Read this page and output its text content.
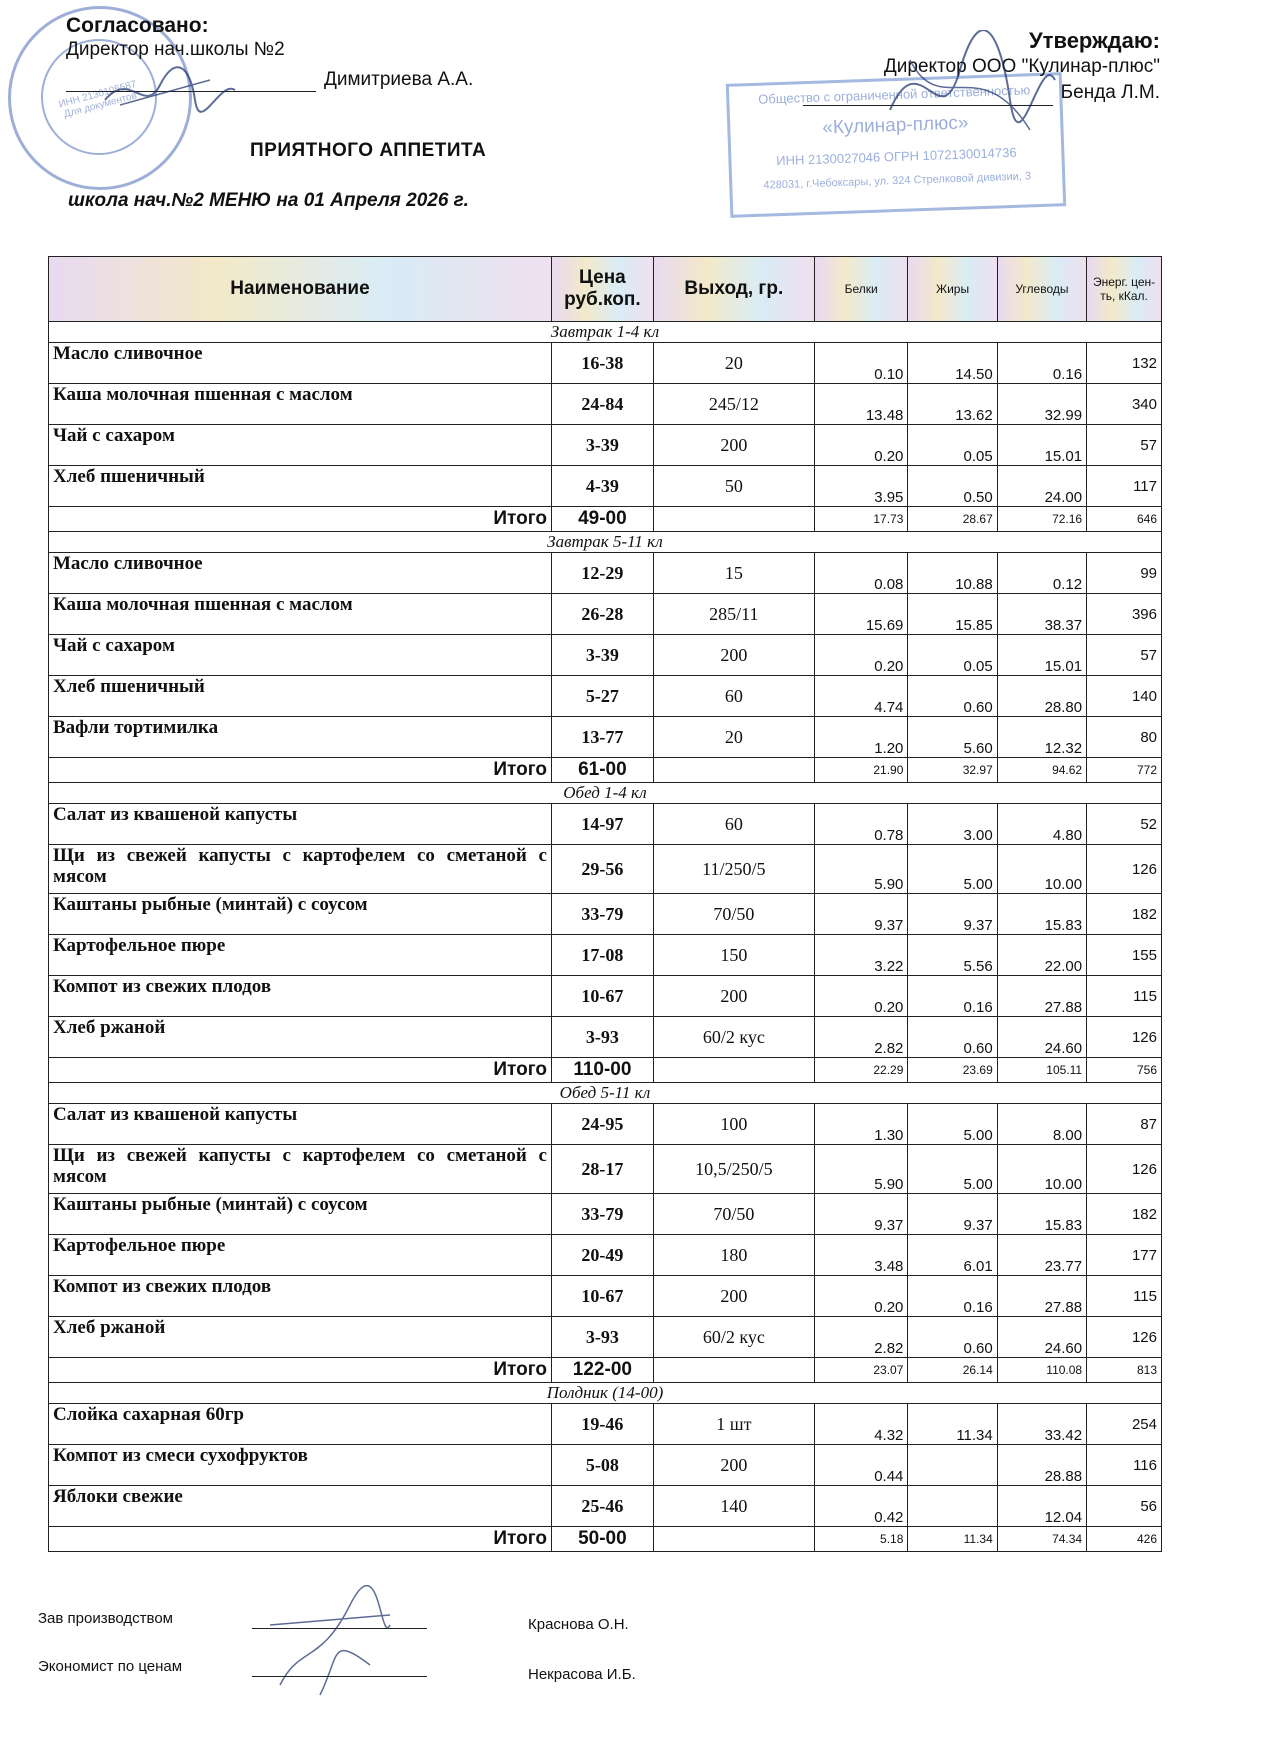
ИНН 2130105587 Для документов	Общество с ограниченной ответственностью
«Кулинар-плюс»
ИНН 2130027046 ОГРН 1072130014736
428031, г.Чебоксары, ул. 324 Стрелковой дивизии, 3
Согласовано:
Директор нач.школы №2
Димитриева А.А.
Утверждаю:
Директор ООО "Кулинар-плюс"
Бенда Л.М.
ПРИЯТНОГО АППЕТИТА
школа нач.№2 МЕНЮ на 01 Апреля 2026 г.
Наименование	Цена руб.коп.	Выход, гр.	Белки	Жиры	Углеводы	Энерг. цен-ть, кКал.
Завтрак 1-4 кл						
Масло сливочное	16-38	20	0.10	14.50	0.16	132
Каша молочная пшенная с маслом	24-84	245/12	13.48	13.62	32.99	340
Чай с сахаром	3-39	200	0.20	0.05	15.01	57
Хлеб пшеничный	4-39	50	3.95	0.50	24.00	117
Итого	49-00		17.73	28.67	72.16	646
Завтрак 5-11 кл						
Масло сливочное	12-29	15	0.08	10.88	0.12	99
Каша молочная пшенная с маслом	26-28	285/11	15.69	15.85	38.37	396
Чай с сахаром	3-39	200	0.20	0.05	15.01	57
Хлеб пшеничный	5-27	60	4.74	0.60	28.80	140
Вафли тортимилка	13-77	20	1.20	5.60	12.32	80
Итого	61-00		21.90	32.97	94.62	772
Обед 1-4 кл						
Салат из квашеной капусты	14-97	60	0.78	3.00	4.80	52
Щи из свежей капусты с картофелем со сметаной с мясом	29-56	11/250/5	5.90	5.00	10.00	126
Каштаны рыбные (минтай) с соусом	33-79	70/50	9.37	9.37	15.83	182
Картофельное пюре	17-08	150	3.22	5.56	22.00	155
Компот из свежих плодов	10-67	200	0.20	0.16	27.88	115
Хлеб ржаной	3-93	60/2 кус	2.82	0.60	24.60	126
Итого	110-00		22.29	23.69	105.11	756
Обед 5-11 кл						
Салат из квашеной капусты	24-95	100	1.30	5.00	8.00	87
Щи из свежей капусты с картофелем со сметаной с мясом	28-17	10,5/250/5	5.90	5.00	10.00	126
Каштаны рыбные (минтай) с соусом	33-79	70/50	9.37	9.37	15.83	182
Картофельное пюре	20-49	180	3.48	6.01	23.77	177
Компот из свежих плодов	10-67	200	0.20	0.16	27.88	115
Хлеб ржаной	3-93	60/2 кус	2.82	0.60	24.60	126
Итого	122-00		23.07	26.14	110.08	813
Полдник (14-00)						
Слойка сахарная 60гр	19-46	1 шт	4.32	11.34	33.42	254
Компот из смеси сухофруктов	5-08	200	0.44		28.88	116
Яблоки свежие	25-46	140	0.42		12.04	56
Итого	50-00		5.18	11.34	74.34	426
Зав производством	Краснова О.Н.
Экономист по ценам	Некрасова И.Б.
